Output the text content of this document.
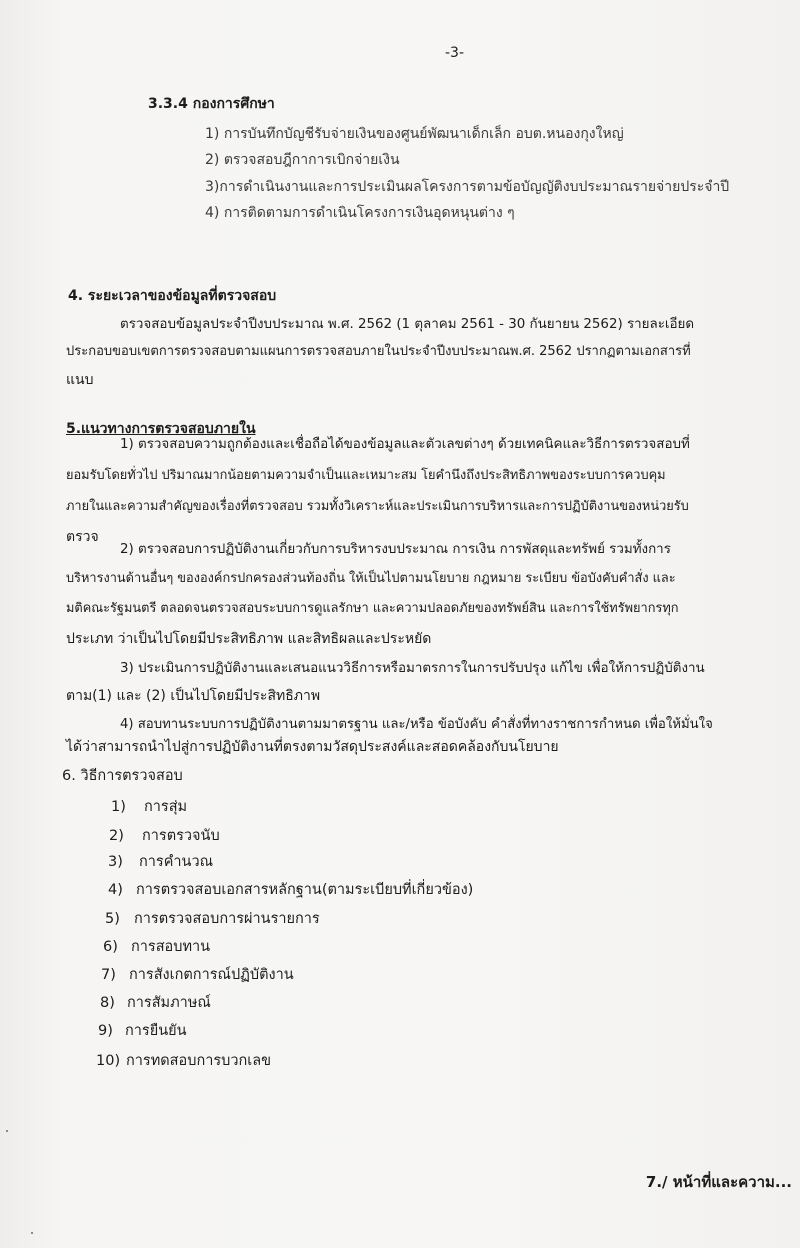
-3-
3.3.4 กองการศึกษา
1) การบันทึกบัญชีรับจ่ายเงินของศูนย์พัฒนาเด็กเล็ก อบต.หนองกุงใหญ่
2) ตรวจสอบฎีกาการเบิกจ่ายเงิน
3)การดำเนินงานและการประเมินผลโครงการตามข้อบัญญัติงบประมาณรายจ่ายประจำปี
4) การติดตามการดำเนินโครงการเงินอุดหนุนต่าง ๆ
4. ระยะเวลาของข้อมูลที่ตรวจสอบ
ตรวจสอบข้อมูลประจำปีงบประมาณ พ.ศ. 2562 (1 ตุลาคม 2561 - 30 กันยายน 2562) รายละเอียด
ประกอบขอบเขตการตรวจสอบตามแผนการตรวจสอบภายในประจำปีงบประมาณพ.ศ. 2562 ปรากฏตามเอกสารที่
แนบ
5.แนวทางการตรวจสอบภายใน
1) ตรวจสอบความถูกต้องและเชื่อถือได้ของข้อมูลและตัวเลขต่างๆ ด้วยเทคนิคและวิธีการตรวจสอบที่
ยอมรับโดยทั่วไป ปริมาณมากน้อยตามความจำเป็นและเหมาะสม โยคำนึงถึงประสิทธิภาพของระบบการควบคุม
ภายในและความสำคัญของเรื่องที่ตรวจสอบ รวมทั้งวิเคราะห์และประเมินการบริหารและการปฏิบัติงานของหน่วยรับ
ตรวจ
2) ตรวจสอบการปฏิบัติงานเกี่ยวกับการบริหารงบประมาณ การเงิน การพัสดุและทรัพย์ รวมทั้งการ
บริหารงานด้านอื่นๆ ขององค์กรปกครองส่วนท้องถิ่น ให้เป็นไปตามนโยบาย กฎหมาย ระเบียบ ข้อบังคับคำสั่ง และ
มติคณะรัฐมนตรี ตลอดจนตรวจสอบระบบการดูแลรักษา และความปลอดภัยของทรัพย์สิน และการใช้ทรัพยากรทุก
ประเภท ว่าเป็นไปโดยมีประสิทธิภาพ และสิทธิผลและประหยัด
3) ประเมินการปฏิบัติงานและเสนอแนววิธีการหรือมาตรการในการปรับปรุง แก้ไข เพื่อให้การปฏิบัติงาน
ตาม(1) และ (2) เป็นไปโดยมีประสิทธิภาพ
4) สอบทานระบบการปฏิบัติงานตามมาตรฐาน และ/หรือ ข้อบังคับ คำสั่งที่ทางราชการกำหนด เพื่อให้มั่นใจ
ได้ว่าสามารถนำไปสู่การปฏิบัติงานที่ตรงตามวัสดุประสงค์และสอดคล้องกับนโยบาย
6. วิธีการตรวจสอบ
1) การสุ่ม
2) การตรวจนับ
3) การคำนวณ
4) การตรวจสอบเอกสารหลักฐาน(ตามระเบียบที่เกี่ยวข้อง)
5) การตรวจสอบการผ่านรายการ
6) การสอบทาน
7) การสังเกตการณ์ปฏิบัติงาน
8) การสัมภาษณ์
9) การยืนยัน
10) การทดสอบการบวกเลข
7./ หน้าที่และความ...
